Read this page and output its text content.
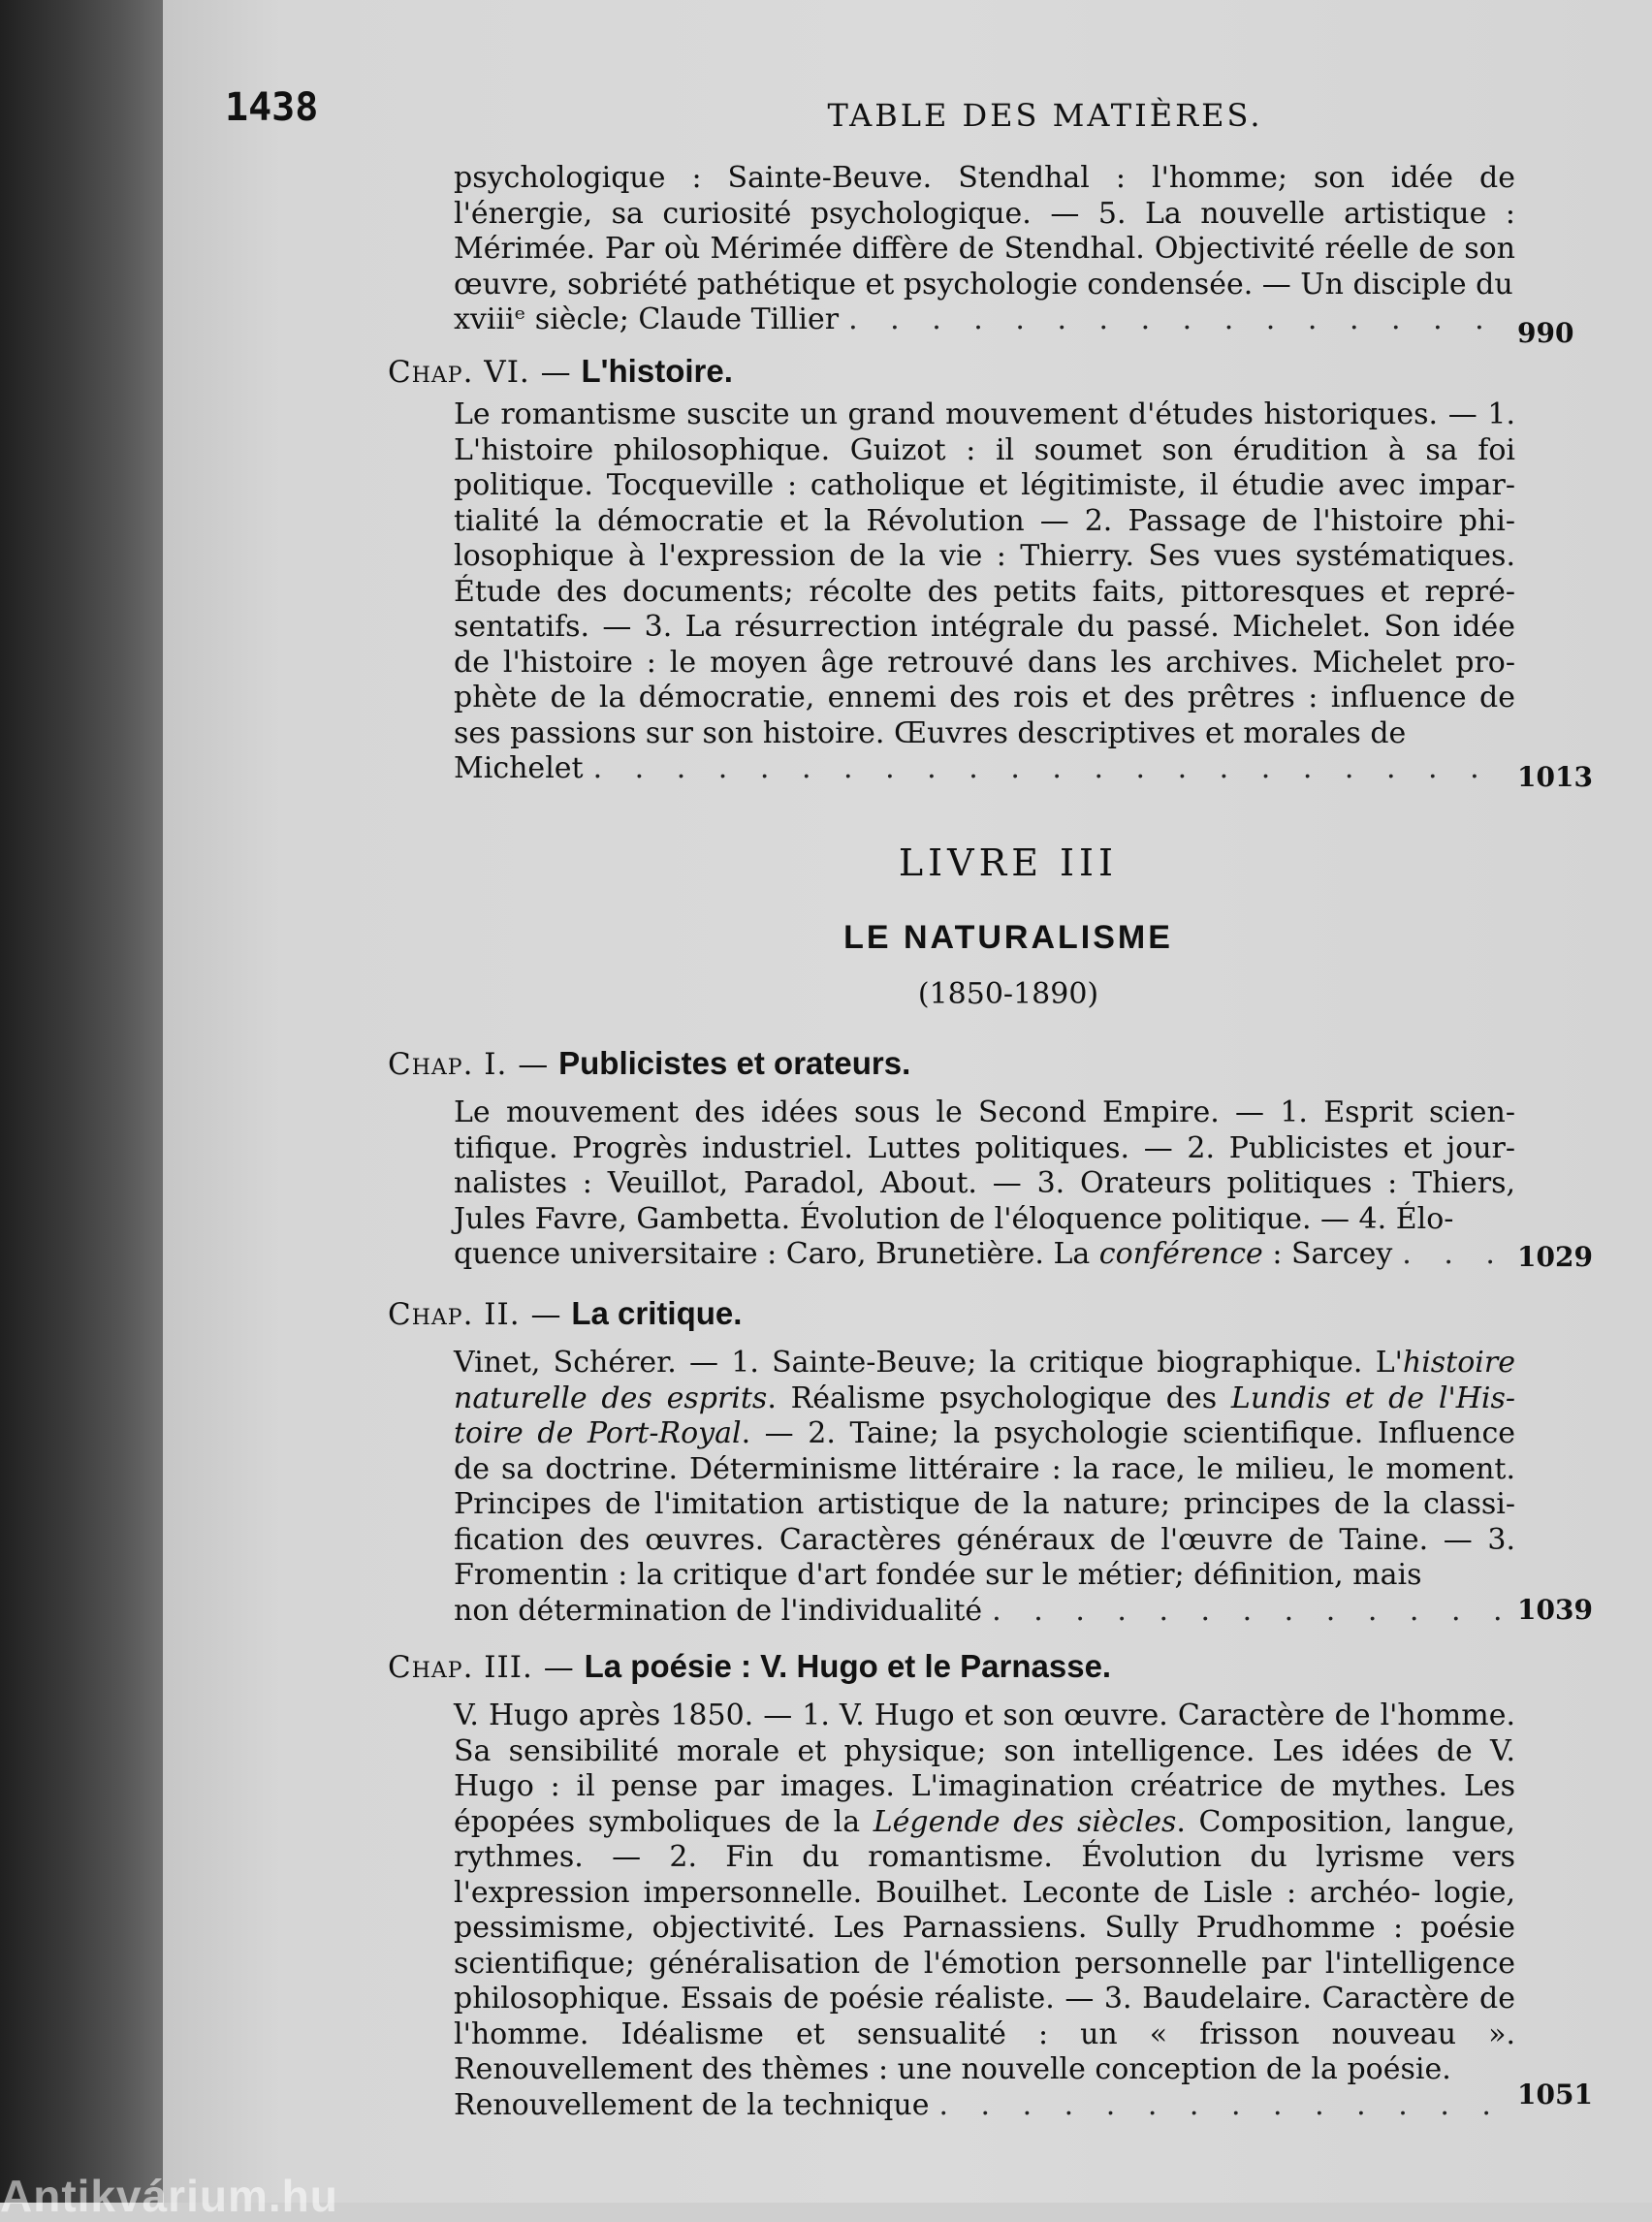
1438	TABLE DES MATIÈRES.

psychologique : Sainte-Beuve. Stendhal : l'homme; son idée de l'énergie, sa curiosité psychologique. — 5. La nouvelle artistique : Mérimée. Par où Mérimée diffère de Stendhal. Objectivité réelle de son œuvre, sobriété pathétique et psychologie condensée. — Un disciple du

xviiiᵉ siècle; Claude Tillier
. . .	990
Chap. VI. — L'histoire.

Le romantisme suscite un grand mouvement d'études historiques. — 1. L'histoire philosophique. Guizot : il soumet son érudition à sa foi politique. Tocqueville : catholique et légitimiste, il étudie avec impar- tialité la démocratie et la Révolution — 2. Passage de l'histoire phi- losophique à l'expression de la vie : Thierry. Ses vues systématiques. Étude des documents; récolte des petits faits, pittoresques et repré- sentatifs. — 3. La résurrection intégrale du passé. Michelet. Son idée de l'histoire : le moyen âge retrouvé dans les archives. Michelet pro- phète de la démocratie, ennemi des rois et des prêtres : influence de ses passions sur son histoire. Œuvres descriptives et morales de

Michelet . . .	1013
LIVRE III
LE NATURALISME
(1850-1890)
Chap. I. — Publicistes et orateurs.

Le mouvement des idées sous le Second Empire. — 1. Esprit scien- tifique. Progrès industriel. Luttes politiques. — 2. Publicistes et jour- nalistes : Veuillot, Paradol, About. — 3. Orateurs politiques : Thiers, Jules Favre, Gambetta. Évolution de l'éloquence politique. — 4. Élo-

quence universitaire : Caro, Brunetière. La conférence : Sarcey . . .	1029
Chap. II. — La critique.

Vinet, Schérer. — 1. Sainte-Beuve; la critique biographique. L'histoire naturelle des esprits. Réalisme psychologique des Lundis et de l'His- toire de Port-Royal. — 2. Taine; la psychologie scientifique. Influence de sa doctrine. Déterminisme littéraire : la race, le milieu, le moment. Principes de l'imitation artistique de la nature; principes de la classi- fication des œuvres. Caractères généraux de l'œuvre de Taine. — 3. Fromentin : la critique d'art fondée sur le métier; définition, mais

non détermination de l'individualité . . .	1039
Chap. III. — La poésie : V. Hugo et le Parnasse.

V. Hugo après 1850. — 1. V. Hugo et son œuvre. Caractère de l'homme. Sa sensibilité morale et physique; son intelligence. Les idées de V. Hugo : il pense par images. L'imagination créatrice de mythes. Les épopées symboliques de la Légende des siècles. Composition, langue, rythmes. — 2. Fin du romantisme. Évolution du lyrisme vers l'expression impersonnelle. Bouilhet. Leconte de Lisle : archéo- logie, pessimisme, objectivité. Les Parnassiens. Sully Prudhomme : poésie scientifique; généralisation de l'émotion personnelle par l'intelligence philosophique. Essais de poésie réaliste. — 3. Baudelaire. Caractère de l'homme. Idéalisme et sensualité : un « frisson nouveau ». Renouvellement des thèmes : une nouvelle conception de la poésie.

Renouvellement de la technique . . .	1051
Antikvárium.hu
